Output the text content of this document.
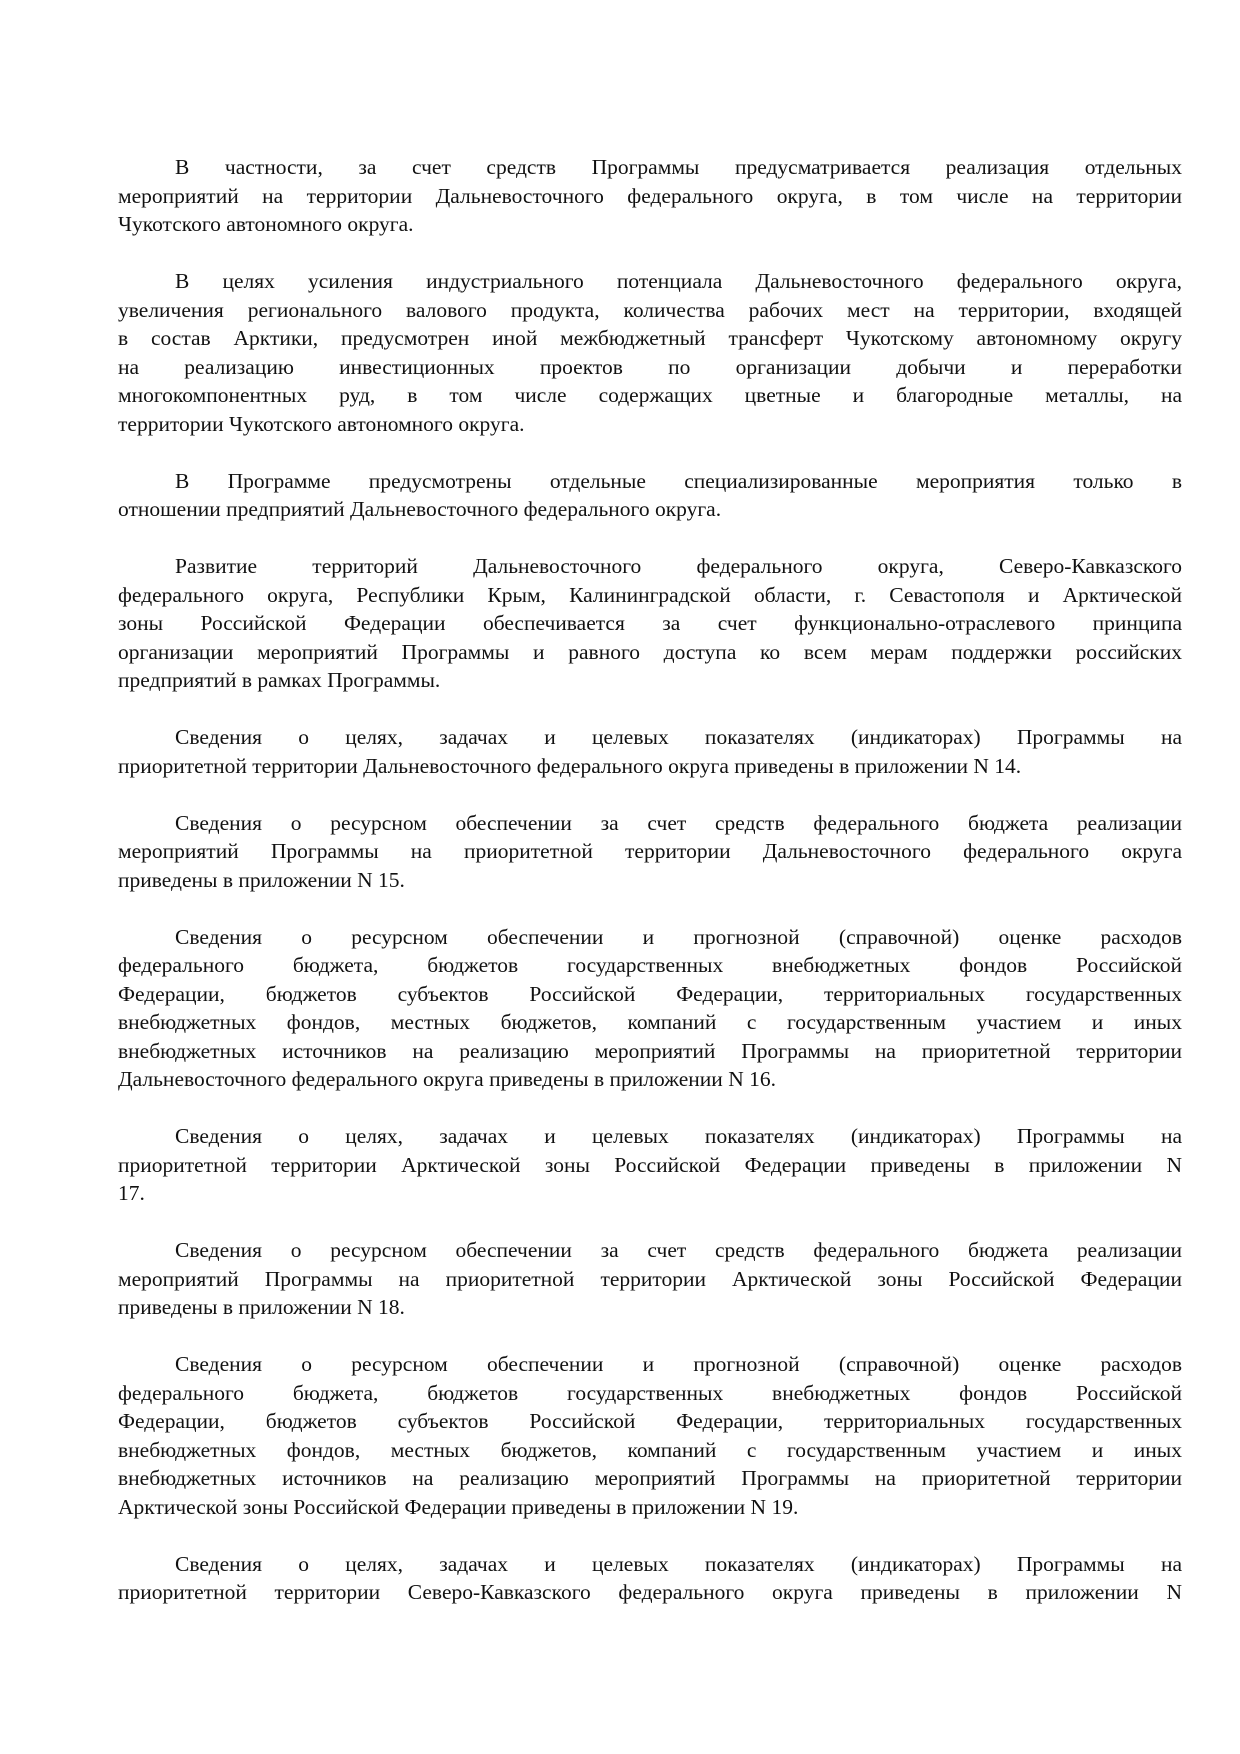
В частности, за счет средств Программы предусматривается реализация отдельных
мероприятий на территории Дальневосточного федерального округа, в том числе на территории
Чукотского автономного округа.
В целях усиления индустриального потенциала Дальневосточного федерального округа,
увеличения регионального валового продукта, количества рабочих мест на территории, входящей
в состав Арктики, предусмотрен иной межбюджетный трансферт Чукотскому автономному округу
на реализацию инвестиционных проектов по организации добычи и переработки
многокомпонентных руд, в том числе содержащих цветные и благородные металлы, на
территории Чукотского автономного округа.
В Программе предусмотрены отдельные специализированные мероприятия только в
отношении предприятий Дальневосточного федерального округа.
Развитие территорий Дальневосточного федерального округа, Северо-Кавказского
федерального округа, Республики Крым, Калининградской области, г. Севастополя и Арктической
зоны Российской Федерации обеспечивается за счет функционально-отраслевого принципа
организации мероприятий Программы и равного доступа ко всем мерам поддержки российских
предприятий в рамках Программы.
Сведения о целях, задачах и целевых показателях (индикаторах) Программы на
приоритетной территории Дальневосточного федерального округа приведены в приложении N 14.
Сведения о ресурсном обеспечении за счет средств федерального бюджета реализации
мероприятий Программы на приоритетной территории Дальневосточного федерального округа
приведены в приложении N 15.
Сведения о ресурсном обеспечении и прогнозной (справочной) оценке расходов
федерального бюджета, бюджетов государственных внебюджетных фондов Российской
Федерации, бюджетов субъектов Российской Федерации, территориальных государственных
внебюджетных фондов, местных бюджетов, компаний с государственным участием и иных
внебюджетных источников на реализацию мероприятий Программы на приоритетной территории
Дальневосточного федерального округа приведены в приложении N 16.
Сведения о целях, задачах и целевых показателях (индикаторах) Программы на
приоритетной территории Арктической зоны Российской Федерации приведены в приложении N
17.
Сведения о ресурсном обеспечении за счет средств федерального бюджета реализации
мероприятий Программы на приоритетной территории Арктической зоны Российской Федерации
приведены в приложении N 18.
Сведения о ресурсном обеспечении и прогнозной (справочной) оценке расходов
федерального бюджета, бюджетов государственных внебюджетных фондов Российской
Федерации, бюджетов субъектов Российской Федерации, территориальных государственных
внебюджетных фондов, местных бюджетов, компаний с государственным участием и иных
внебюджетных источников на реализацию мероприятий Программы на приоритетной территории
Арктической зоны Российской Федерации приведены в приложении N 19.
Сведения о целях, задачах и целевых показателях (индикаторах) Программы на
приоритетной территории Северо-Кавказского федерального округа приведены в приложении N
